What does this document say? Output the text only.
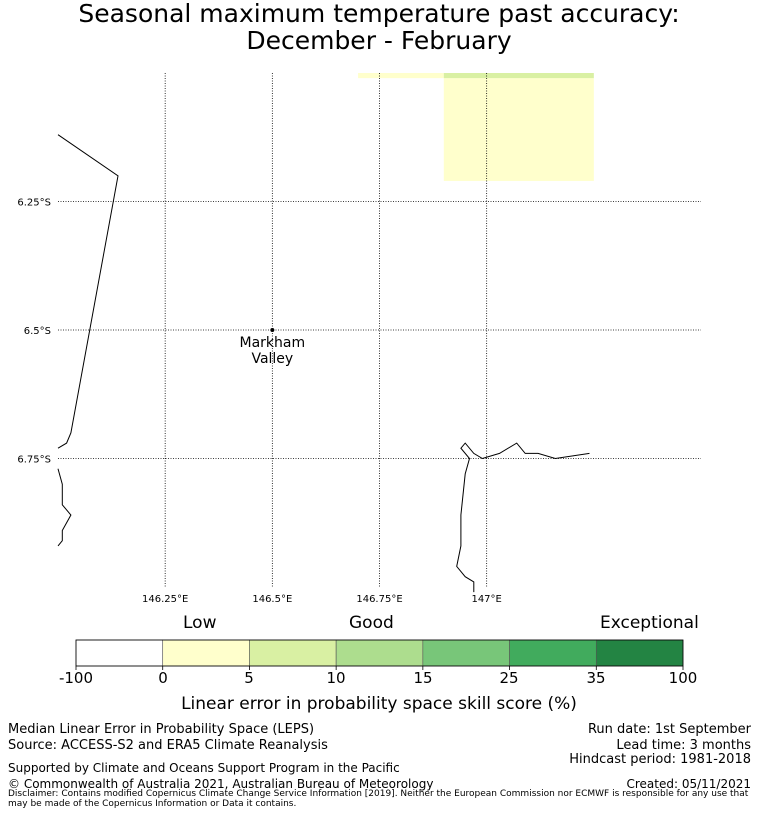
Seasonal maximum temperature past accuracy:
December - February
146.25°E	146.5°E	146.75°E	147°E
6.25°S
6.5°S
6.75°S
Markham
Valley
Low	Good	Exceptional
-100	0	5	10	15	25	35	100
Linear error in probability space skill score (%)
Median Linear Error in Probability Space (LEPS)
Source: ACCESS-S2 and ERA5 Climate Reanalysis
Run date: 1st September
Lead time: 3 months
Hindcast period: 1981-2018
Supported by Climate and Oceans Support Program in the Pacific
© Commonwealth of Australia 2021, Australian Bureau of Meteorology	Created: 05/11/2021
Disclaimer: Contains modified Copernicus Climate Change Service Information [2019]. Neither the European Commission nor ECMWF is responsible for any use that may be made of the Copernicus Information or Data it contains.
